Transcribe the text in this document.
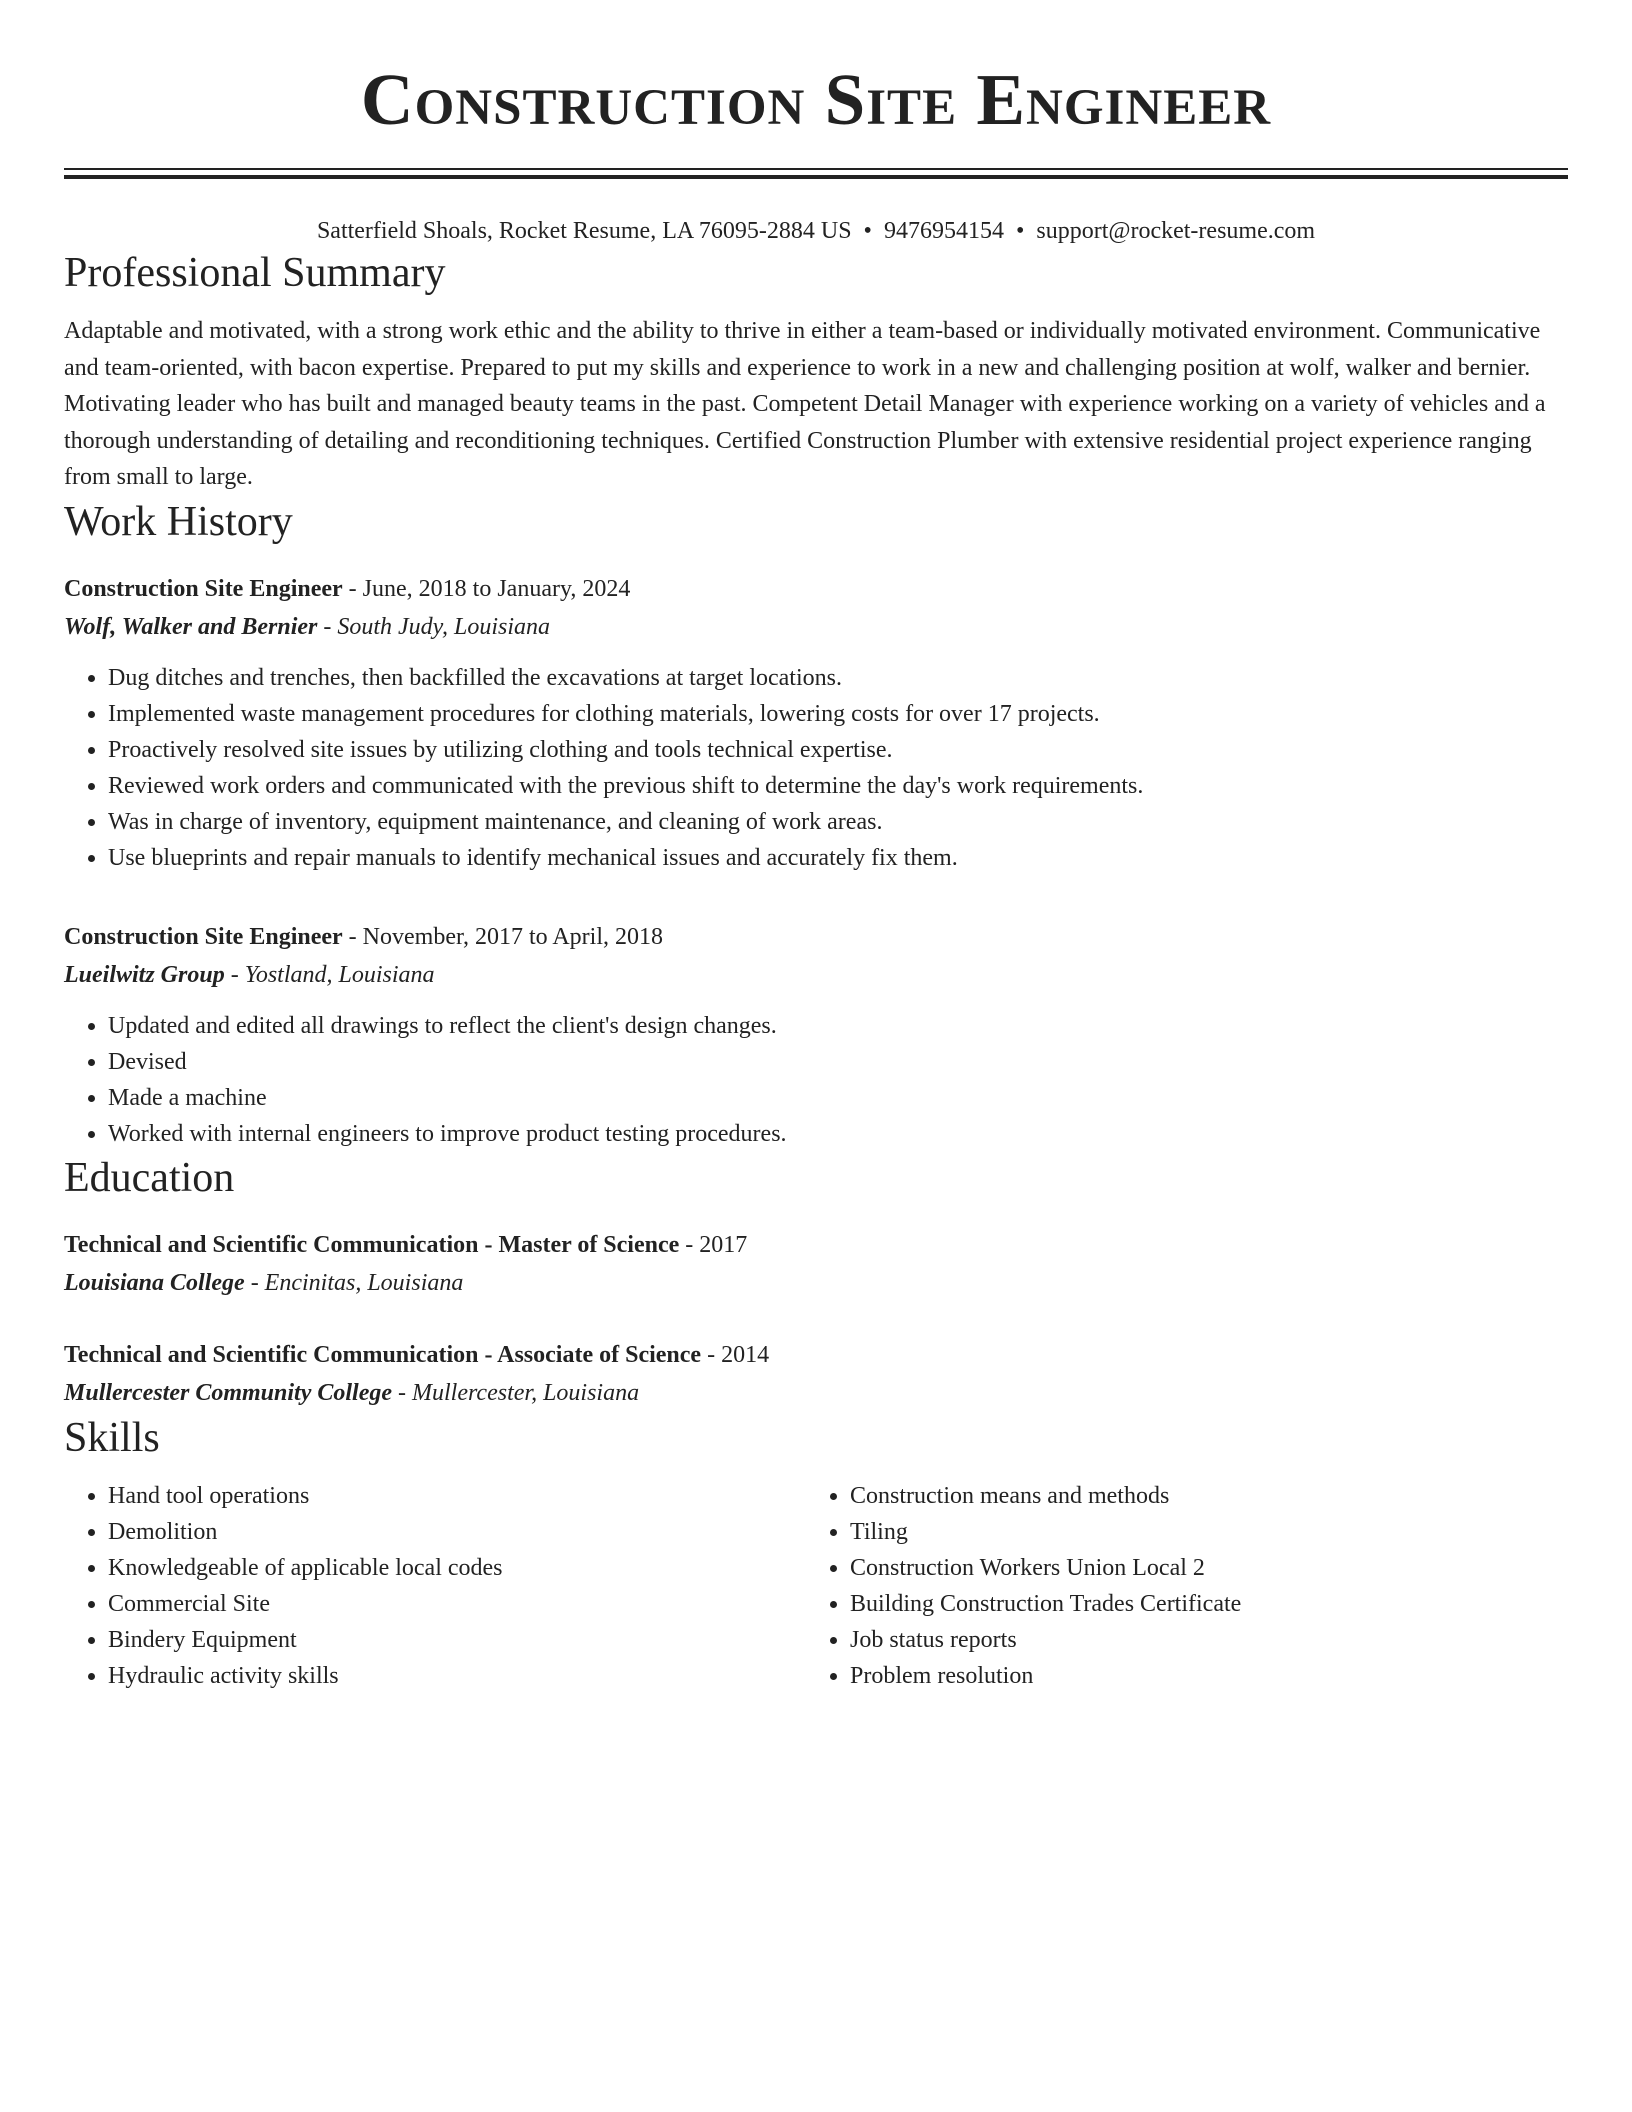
Construction Site Engineer
Satterfield Shoals, Rocket Resume, LA 76095-2884 US • 9476954154 • support@rocket-resume.com
Professional Summary
Adaptable and motivated, with a strong work ethic and the ability to thrive in either a team-based or individually motivated environment. Communicative and team-oriented, with bacon expertise. Prepared to put my skills and experience to work in a new and challenging position at wolf, walker and bernier. Motivating leader who has built and managed beauty teams in the past. Competent Detail Manager with experience working on a variety of vehicles and a thorough understanding of detailing and reconditioning techniques. Certified Construction Plumber with extensive residential project experience ranging from small to large.
Work History
Construction Site Engineer - June, 2018 to January, 2024
Wolf, Walker and Bernier - South Judy, Louisiana
• Dug ditches and trenches, then backfilled the excavations at target locations.
• Implemented waste management procedures for clothing materials, lowering costs for over 17 projects.
• Proactively resolved site issues by utilizing clothing and tools technical expertise.
• Reviewed work orders and communicated with the previous shift to determine the day's work requirements.
• Was in charge of inventory, equipment maintenance, and cleaning of work areas.
• Use blueprints and repair manuals to identify mechanical issues and accurately fix them.
Construction Site Engineer - November, 2017 to April, 2018
Lueilwitz Group - Yostland, Louisiana
• Updated and edited all drawings to reflect the client's design changes.
• Devised
• Made a machine
• Worked with internal engineers to improve product testing procedures.
Education
Technical and Scientific Communication - Master of Science - 2017
Louisiana College - Encinitas, Louisiana
Technical and Scientific Communication - Associate of Science - 2014
Mullercester Community College - Mullercester, Louisiana
Skills
• Hand tool operations
• Demolition
• Knowledgeable of applicable local codes
• Commercial Site
• Bindery Equipment
• Hydraulic activity skills
• Construction means and methods
• Tiling
• Construction Workers Union Local 2
• Building Construction Trades Certificate
• Job status reports
• Problem resolution
